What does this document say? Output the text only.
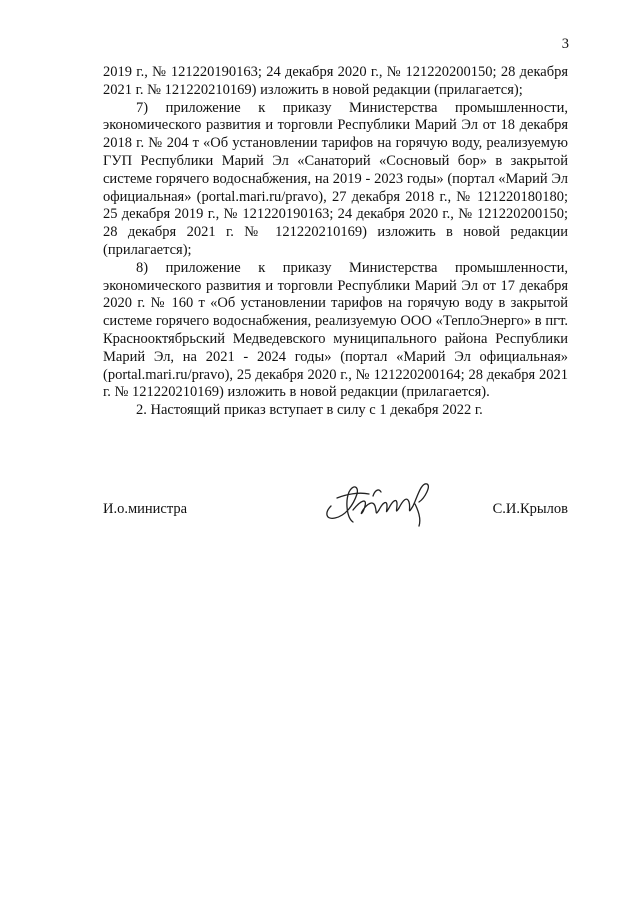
3

2019 г., № 121220190163; 24 декабря 2020 г., № 121220200150; 28 декабря 2021 г. № 121220210169) изложить в новой редакции (прилагается);

7) приложение к приказу Министерства промышленности, экономического развития и торговли Республики Марий Эл от 18 декабря 2018 г. № 204 т «Об установлении тарифов на горячую воду, реализуемую ГУП Республики Марий Эл «Санаторий «Сосновый бор» в закрытой системе горячего водоснабжения, на 2019 - 2023 годы» (портал «Марий Эл официальная» (portal.mari.ru/pravo), 27 декабря 2018 г., № 121220180180; 25 декабря 2019 г., № 121220190163; 24 декабря 2020 г., № 121220200150; 28 декабря 2021 г. № 121220210169) изложить в новой редакции (прилагается);

8) приложение к приказу Министерства промышленности, экономического развития и торговли Республики Марий Эл от 17 декабря 2020 г. № 160 т «Об установлении тарифов на горячую воду в закрытой системе горячего водоснабжения, реализуемую ООО «ТеплоЭнерго» в пгт. Краснооктябрьский Медведевского муниципального района Республики Марий Эл, на 2021 - 2024 годы» (портал «Марий Эл официальная» (portal.mari.ru/pravo), 25 декабря 2020 г., № 121220200164; 28 декабря 2021 г. № 121220210169) изложить в новой редакции (прилагается).

2. Настоящий приказ вступает в силу с 1 декабря 2022 г.

И.о.министра	С.И.Крылов
